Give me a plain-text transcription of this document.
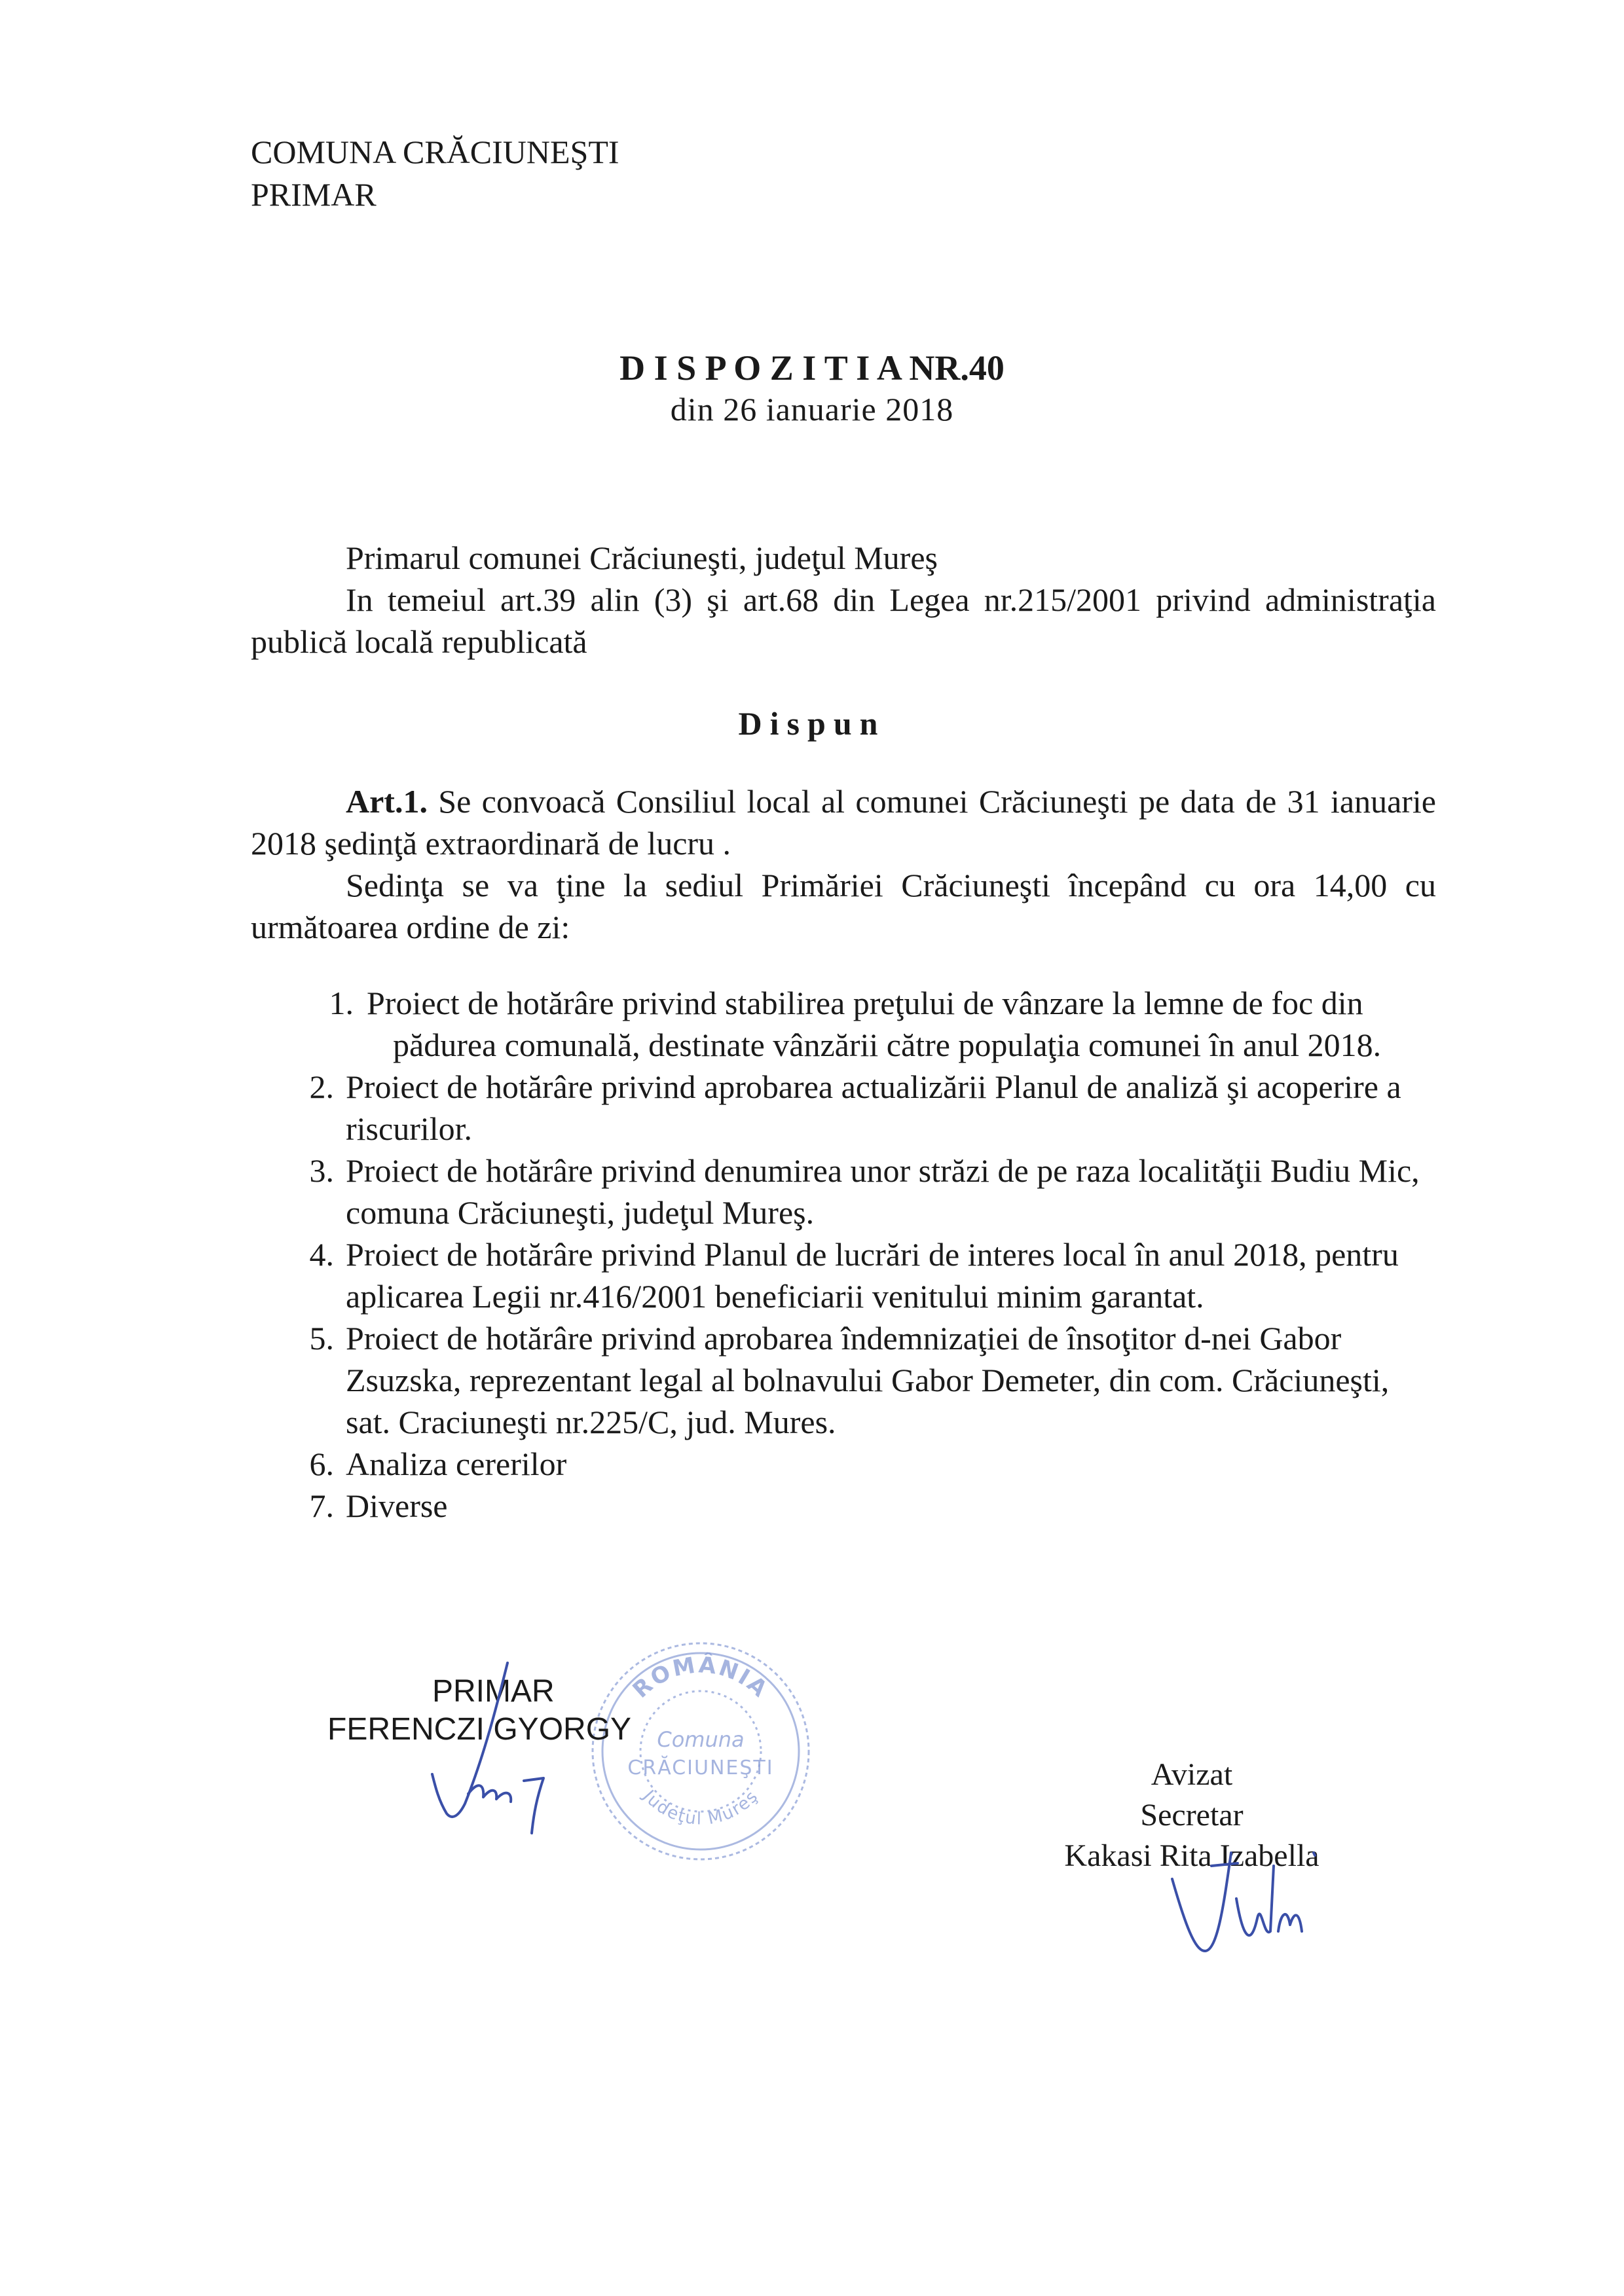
COMUNA CRĂCIUNEŞTI

PRIMAR

D I S P O Z I T I A NR.40

din 26 ianuarie 2018

Primarul comunei Crăciuneşti, judeţul Mureş

In temeiul art.39 alin (3) şi art.68 din Legea nr.215/2001 privind administraţia publică locală republicată

Dispun

Art.1. Se convoacă Consiliul local al comunei Crăciuneşti pe data de 31 ianuarie 2018 şedinţă extraordinară de lucru .
Sedinţa se va ţine la sediul Primăriei Crăciuneşti începând cu ora 14,00 cu următoarea ordine de zi:
1. Proiect de hotărâre privind stabilirea preţului de vânzare la lemne de foc din pădurea comunală, destinate vânzării către populaţia comunei în anul 2018.
2. Proiect de hotărâre privind aprobarea actualizării Planul de analiză şi acoperire a riscurilor.
3. Proiect de hotărâre privind denumirea unor străzi de pe raza localităţii Budiu Mic, comuna Crăciuneşti, judeţul Mureş.
4. Proiect de hotărâre privind Planul de lucrări de interes local în anul 2018, pentru aplicarea Legii nr.416/2001 beneficiarii venitului minim garantat.
5. Proiect de hotărâre privind aprobarea îndemnizaţiei de însoţitor d-nei Gabor Zsuzska, reprezentant legal al bolnavului Gabor Demeter, din com. Crăciuneşti, sat. Craciuneşti nr.225/C, jud. Mures.
6. Analiza cererilor
7. Diverse
ROMÂNIA
Comuna
CRĂCIUNEŞTI
Judeţul Mureş
PRIMAR
FERENCZI GYORGY
Avizat
Secretar
Kakasi Rita Izabella
